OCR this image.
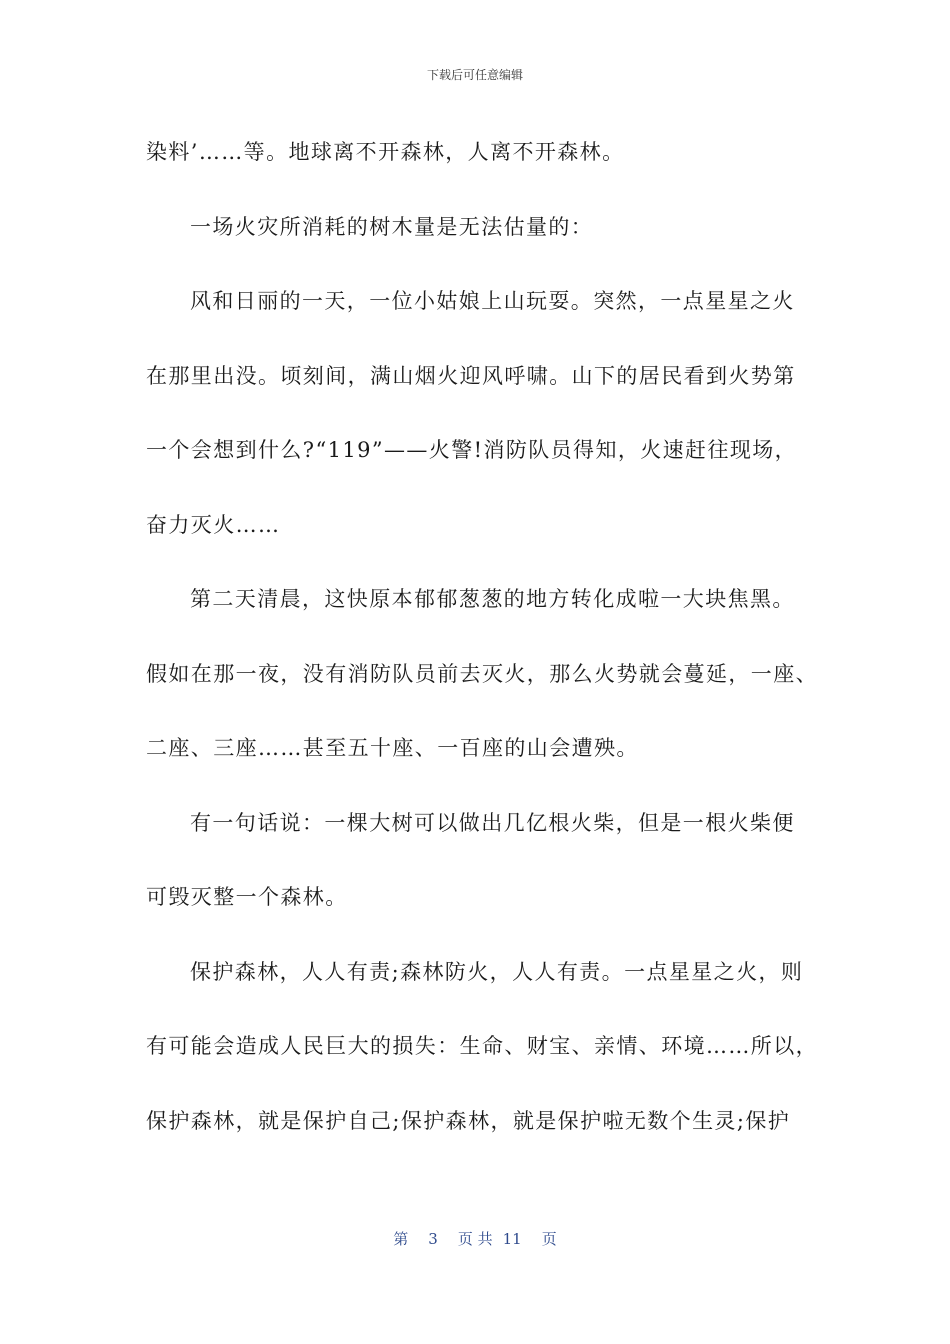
下载后可任意编辑
染料’……等。地球离不开森林，人离不开森林。
一场火灾所消耗的树木量是无法估量的：
风和日丽的一天，一位小姑娘上山玩耍。突然，一点星星之火
在那里出没。顷刻间，满山烟火迎风呼啸。山下的居民看到火势第
一个会想到什么?“119”——火警!消防队员得知，火速赶往现场，
奋力灭火……
第二天清晨，这快原本郁郁葱葱的地方转化成啦一大块焦黑。
假如在那一夜，没有消防队员前去灭火，那么火势就会蔓延，一座、
二座、三座……甚至五十座、一百座的山会遭殃。
有一句话说：一棵大树可以做出几亿根火柴，但是一根火柴便
可毁灭整一个森林。
保护森林，人人有责;森林防火，人人有责。一点星星之火，则
有可能会造成人民巨大的损失：生命、财宝、亲情、环境……所以，
保护森林，就是保护自己;保护森林，就是保护啦无数个生灵;保护
第 3 页 共 11 页
